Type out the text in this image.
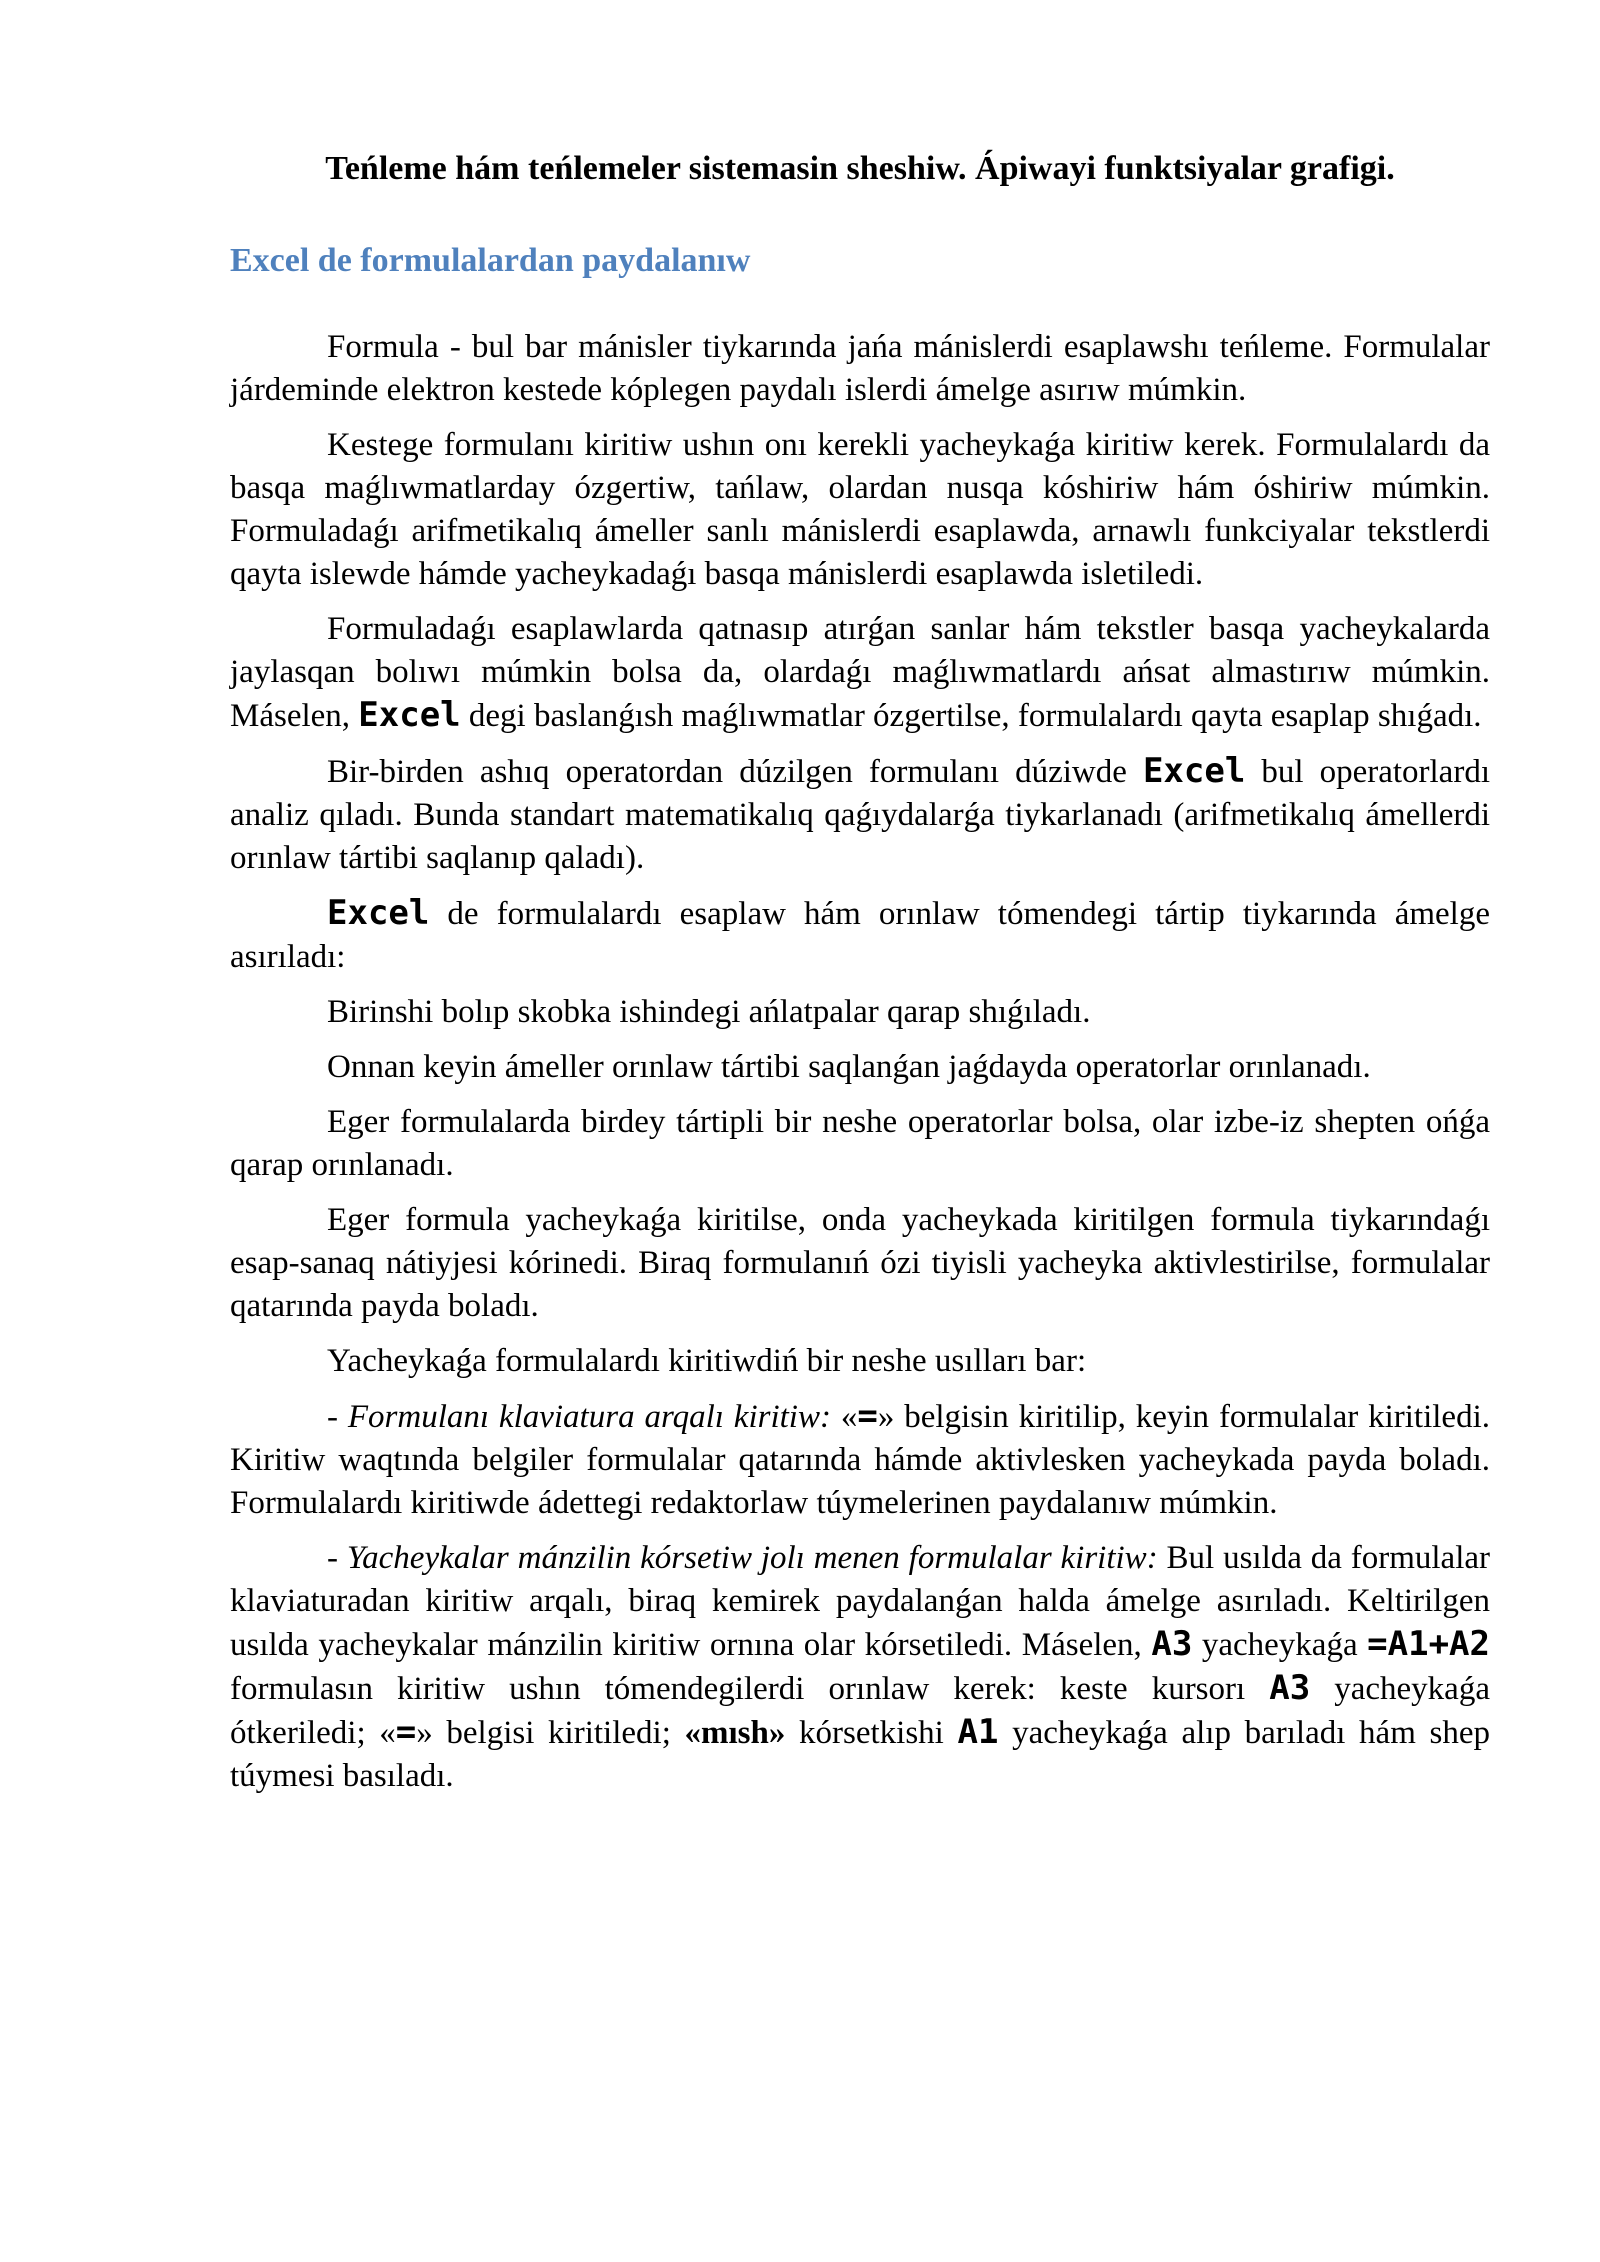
Teńleme hám teńlemeler sistemasin sheshiw. Ápiwayi funktsiyalar grafigi.
Excel de formulalardan paydalanıw

Formula - bul bar mánisler tiykarında jańa mánislerdi esaplawshı teńleme. Formulalar járdeminde elektron kestede kóplegen paydalı islerdi ámelge asırıw múmkin.

Kestege formulanı kiritiw ushın onı kerekli yacheykaǵa kiritiw kerek. Formulalardı da basqa maǵlıwmatlarday ózgertiw, tańlaw, olardan nusqa kóshiriw hám óshiriw múmkin. Formuladaǵı arifmetikalıq ámeller sanlı mánislerdi esaplawda, arnawlı funkciyalar tekstlerdi qayta islewde hámde yacheykadaǵı basqa mánislerdi esaplawda isletiledi.

Formuladaǵı esaplawlarda qatnasıp atırǵan sanlar hám tekstler basqa yacheykalarda jaylasqan bolıwı múmkin bolsa da, olardaǵı maǵlıwmatlardı ańsat almastırıw múmkin. Máselen, Excel degi baslanǵısh maǵlıwmatlar ózgertilse, formulalardı qayta esaplap shıǵadı.

Bir-birden ashıq operatordan dúzilgen formulanı dúziwde Excel bul operatorlardı analiz qıladı. Bunda standart matematikalıq qaǵıydalarǵa tiykarlanadı (arifmetikalıq ámellerdi orınlaw tártibi saqlanıp qaladı).

Excel de formulalardı esaplaw hám orınlaw tómendegi tártip tiykarında ámelge asırıladı:

Birinshi bolıp skobka ishindegi ańlatpalar qarap shıǵıladı.

Onnan keyin ámeller orınlaw tártibi saqlanǵan jaǵdayda operatorlar orınlanadı.

Eger formulalarda birdey tártipli bir neshe operatorlar bolsa, olar izbe-iz shepten ońǵa qarap orınlanadı.

Eger formula yacheykaǵa kiritilse, onda yacheykada kiritilgen formula tiykarındaǵı esap-sanaq nátiyjesi kórinedi. Biraq formulanıń ózi tiyisli yacheyka aktivlestirilse, formulalar qatarında payda boladı.

Yacheykaǵa formulalardı kiritiwdiń bir neshe usılları bar:

- Formulanı klaviatura arqalı kiritiw: «=» belgisin kiritilip, keyin formulalar kiritiledi. Kiritiw waqtında belgiler formulalar qatarında hámde aktivlesken yacheykada payda boladı. Formulalardı kiritiwde ádettegi redaktorlaw túymelerinen paydalanıw múmkin.

- Yacheykalar mánzilin kórsetiw jolı menen formulalar kiritiw: Bul usılda da formulalar klaviaturadan kiritiw arqalı, biraq kemirek paydalanǵan halda ámelge asırıladı. Keltirilgen usılda yacheykalar mánzilin kiritiw ornına olar kórsetiledi. Máselen, A3 yacheykaǵa =A1+A2 formulasın kiritiw ushın tómendegilerdi orınlaw kerek: keste kursorı A3 yacheykaǵa ótkeriledi; «=» belgisi kiritiledi; «mısh» kórsetkishi A1 yacheykaǵa alıp barıladı hám shep túymesi basıladı.
